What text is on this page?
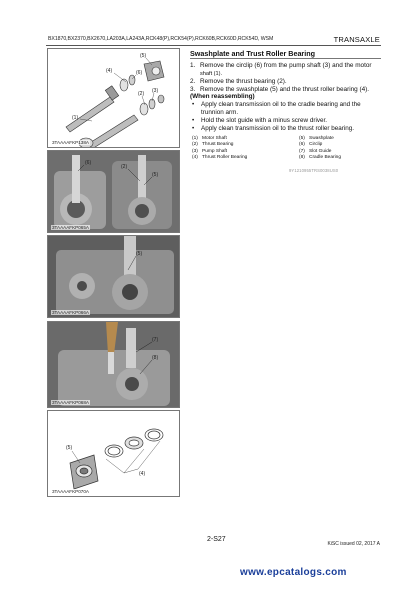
BX1870,BX2370,BX2670,LA203A,LA243A,RCK48(P),RCK54(P),RCK60B,RCK60D,RCK54D, WSM	TRANSAXLE
(4)
(5)
(6)
(1)
(2) (3)
3TAAAAFKP138A
(6)
(2)
(5)
3TAAAAFKP065A
(5)
3TAAAAFKP066A
(7)
(8)
3TAAAAFKP068A
(5)
(4)
3TAAAAFKP070A
Swashplate and Trust Roller Bearing
1. Remove the circlip (6) from the pump shaft (3) and the motor
shaft (1).
2. Remove the thrust bearing (2).
3. Remove the swashplate (5) and the thrust roller bearing (4).
(When reassembling)
•	Apply clean transmission oil to the cradle bearing and the
trunnion arm.
•	Hold the slot guide with a minus screw driver.
•	Apply clean transmission oil to the thrust roller bearing.
(1) Motor Shaft	(5) Swashplate
(2) Thrust Bearing	(6) Circlip
(3) Pump Shaft	(7) Slot Guide
(4) Thrust Roller Bearing	(8) Cradle Bearing
9Y1210955TRS0038US0
2-S27
KiSC issued 02, 2017 A
www.epcatalogs.com
